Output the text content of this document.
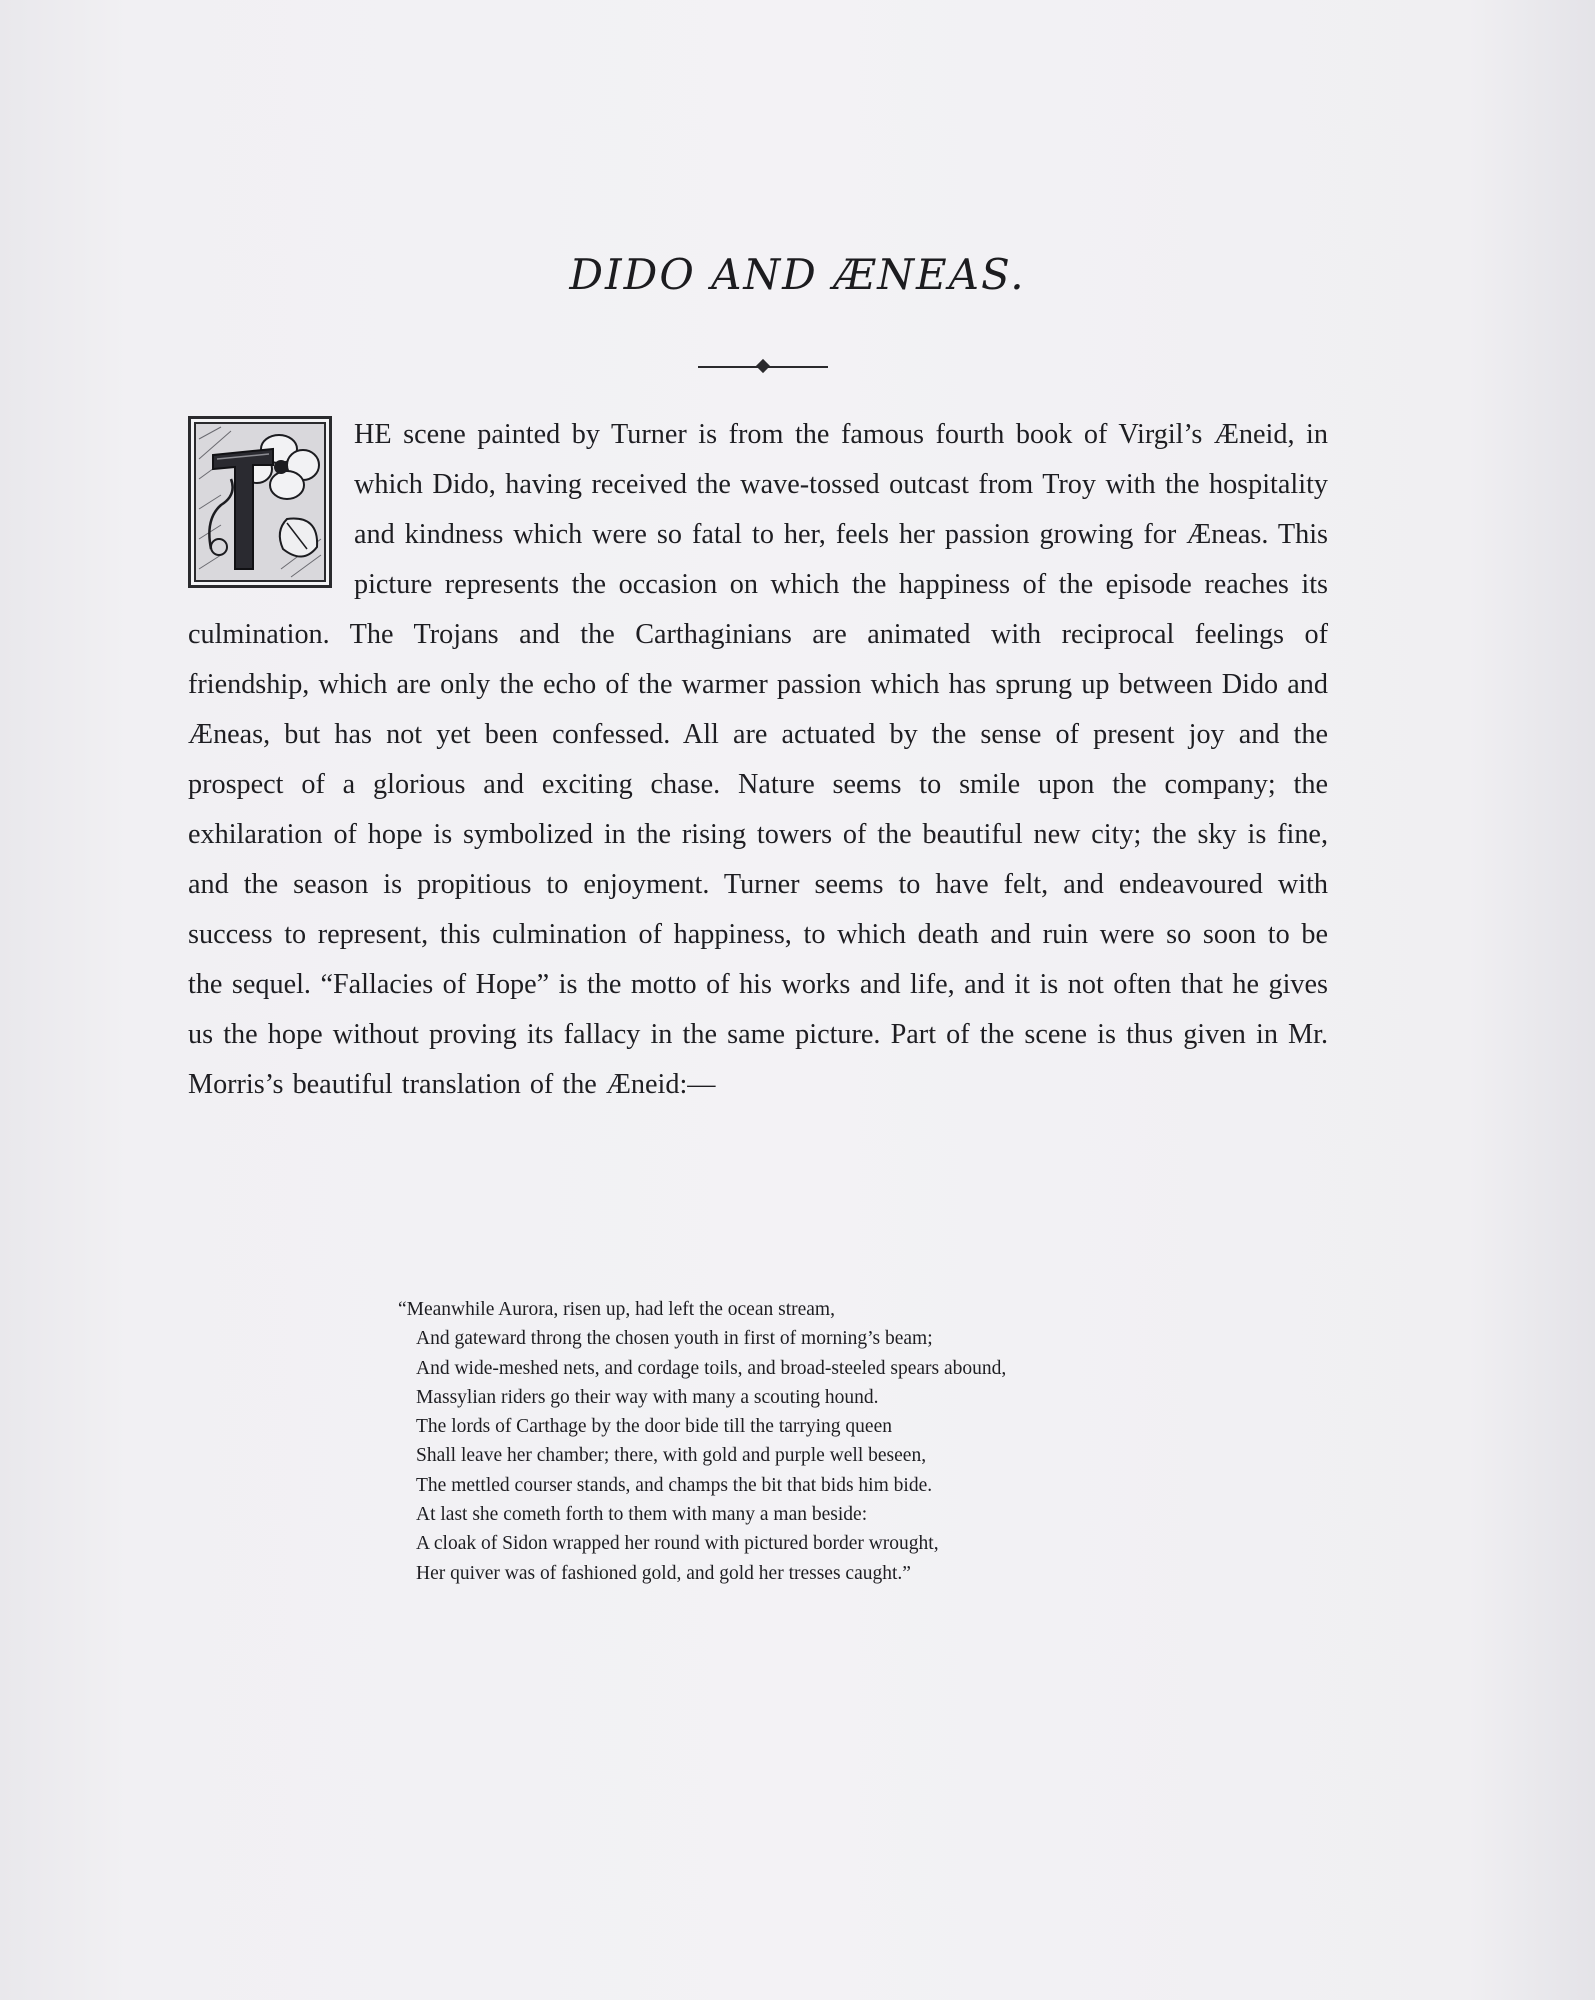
DIDO AND ÆNEAS.
HE scene painted by Turner is from the famous fourth book of Virgil’s Æneid, in which Dido, having received the wave-tossed outcast from Troy with the hospitality and kindness which were so fatal to her, feels her passion growing for Æneas. This picture represents the occasion on which the happiness of the episode reaches its culmination. The Trojans and the Carthaginians are animated with reciprocal feelings of friendship, which are only the echo of the warmer passion which has sprung up between Dido and Æneas, but has not yet been confessed. All are actuated by the sense of present joy and the prospect of a glorious and exciting chase. Nature seems to smile upon the company; the exhilaration of hope is symbolized in the rising towers of the beautiful new city; the sky is fine, and the season is propitious to enjoyment. Turner seems to have felt, and endeavoured with success to represent, this culmination of happiness, to which death and ruin were so soon to be the sequel. “Fallacies of Hope” is the motto of his works and life, and it is not often that he gives us the hope without proving its fallacy in the same picture. Part of the scene is thus given in Mr. Morris’s beautiful translation of the Æneid:—
“Meanwhile Aurora, risen up, had left the ocean stream,
And gateward throng the chosen youth in first of morning’s beam;
And wide-meshed nets, and cordage toils, and broad-steeled spears abound,
Massylian riders go their way with many a scouting hound.
The lords of Carthage by the door bide till the tarrying queen
Shall leave her chamber; there, with gold and purple well beseen,
The mettled courser stands, and champs the bit that bids him bide.
At last she cometh forth to them with many a man beside:
A cloak of Sidon wrapped her round with pictured border wrought,
Her quiver was of fashioned gold, and gold her tresses caught.”
